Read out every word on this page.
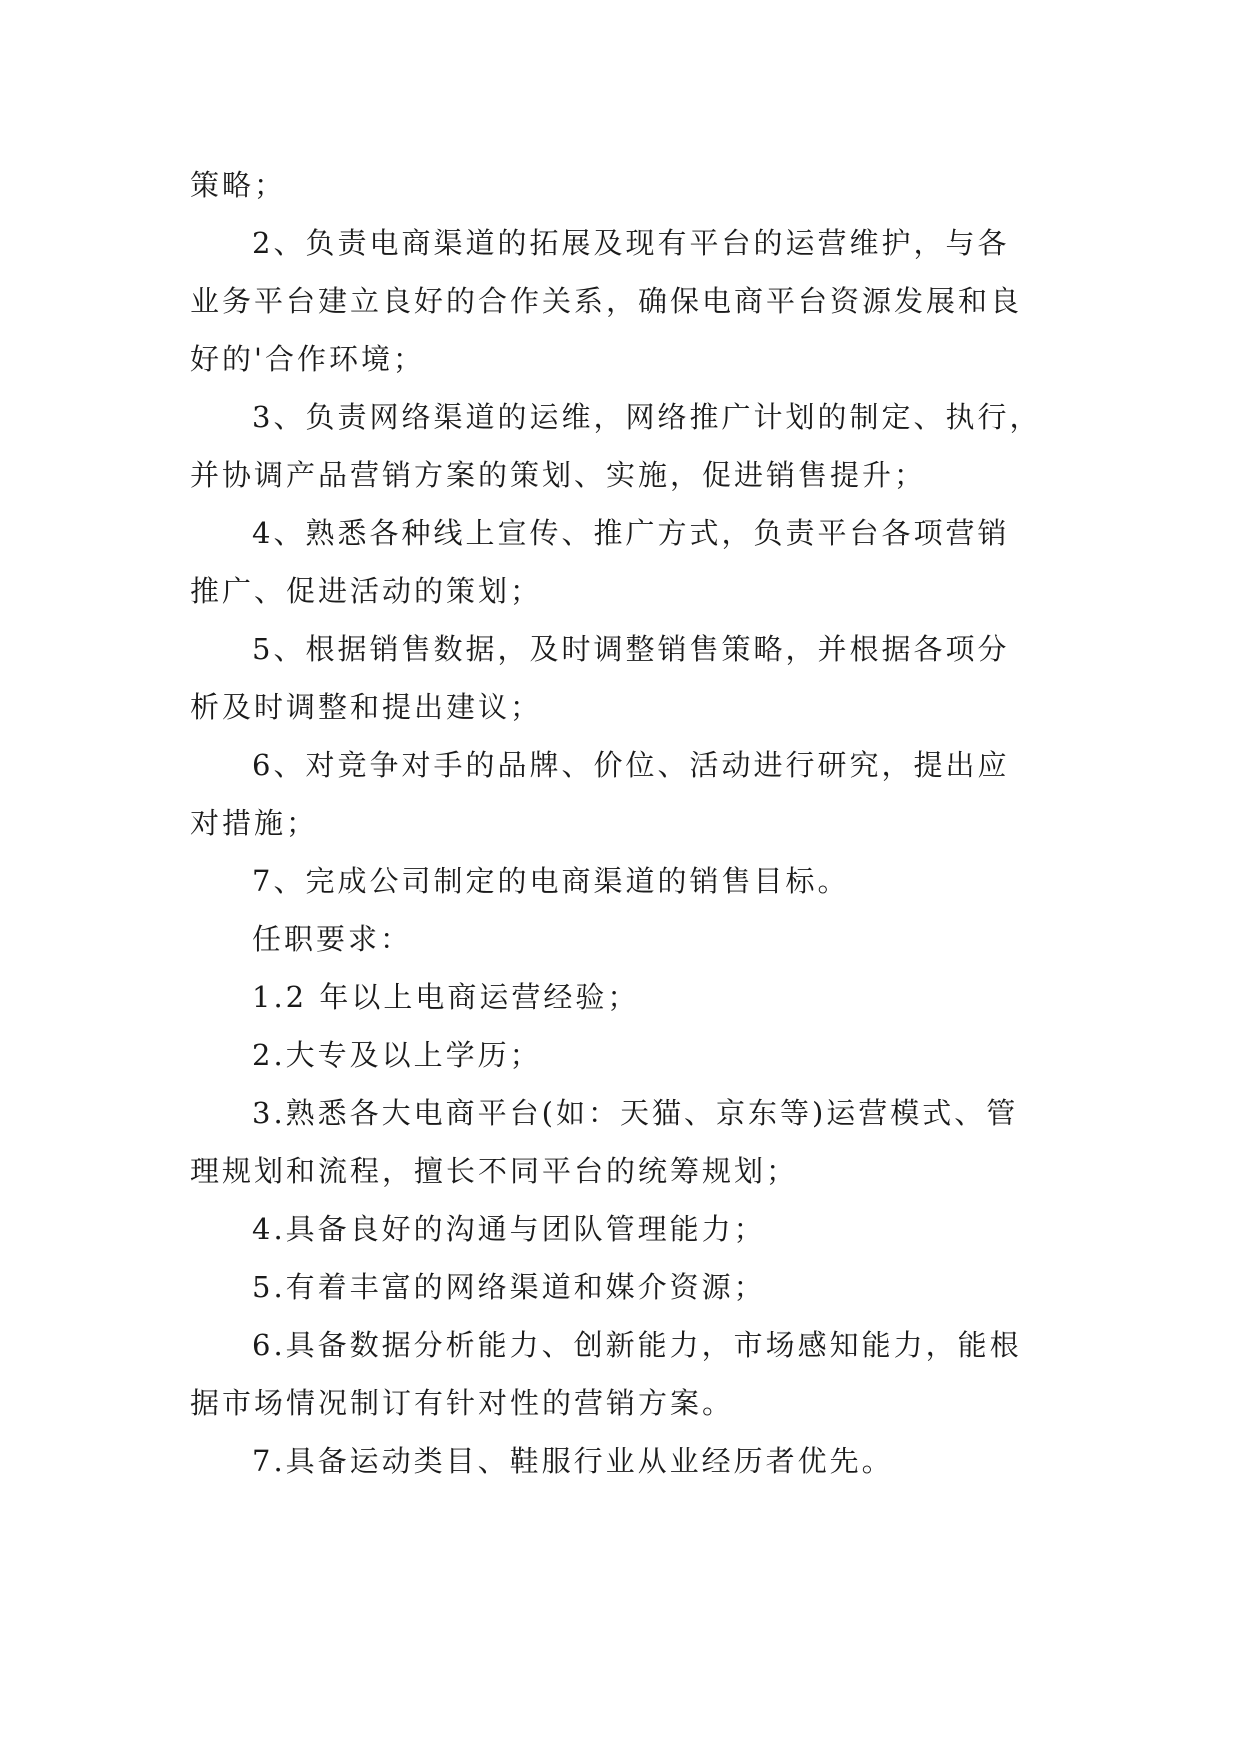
策略；
2、负责电商渠道的拓展及现有平台的运营维护，与各
业务平台建立良好的合作关系，确保电商平台资源发展和良
好的'合作环境；
3、负责网络渠道的运维，网络推广计划的制定、执行，
并协调产品营销方案的策划、实施，促进销售提升；
4、熟悉各种线上宣传、推广方式，负责平台各项营销
推广、促进活动的策划；
5、根据销售数据，及时调整销售策略，并根据各项分
析及时调整和提出建议；
6、对竞争对手的品牌、价位、活动进行研究，提出应
对措施；
7、完成公司制定的电商渠道的销售目标。
任职要求：
1.2 年以上电商运营经验；
2.大专及以上学历；
3.熟悉各大电商平台(如：天猫、京东等)运营模式、管
理规划和流程，擅长不同平台的统筹规划；
4.具备良好的沟通与团队管理能力；
5.有着丰富的网络渠道和媒介资源；
6.具备数据分析能力、创新能力，市场感知能力，能根
据市场情况制订有针对性的营销方案。
7.具备运动类目、鞋服行业从业经历者优先。
